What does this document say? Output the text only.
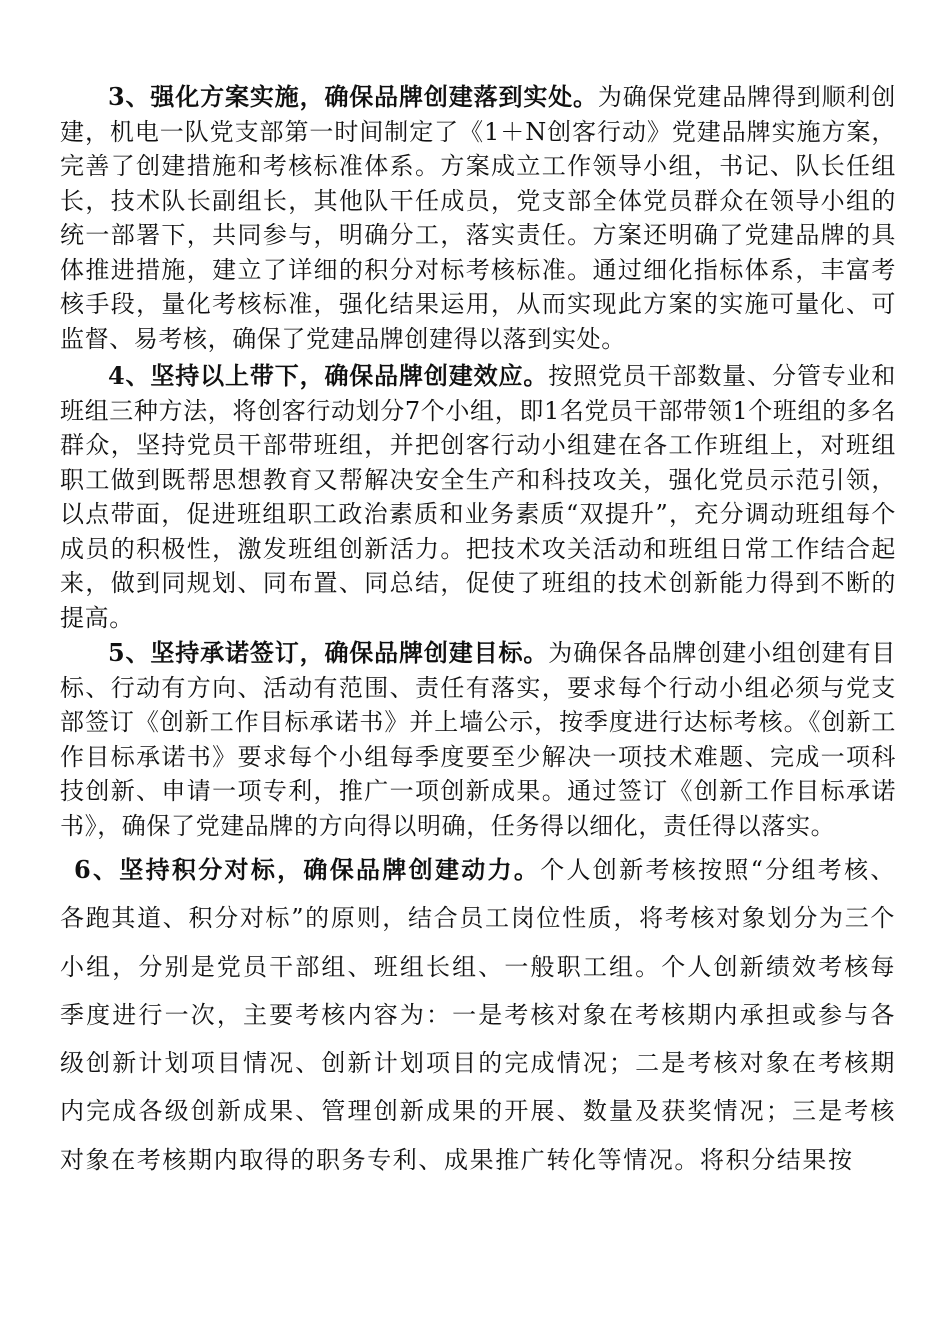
3、强化方案实施，确保品牌创建落到实处。为确保党建品牌得到顺利创建，机电一队党支部第一时间制定了《1＋N创客行动》党建品牌实施方案，完善了创建措施和考核标准体系。方案成立工作领导小组，书记、队长任组长，技术队长副组长，其他队干任成员，党支部全体党员群众在领导小组的统一部署下，共同参与，明确分工，落实责任。方案还明确了党建品牌的具体推进措施，建立了详细的积分对标考核标准。通过细化指标体系，丰富考核手段，量化考核标准，强化结果运用，从而实现此方案的实施可量化、可监督、易考核，确保了党建品牌创建得以落到实处。

4、坚持以上带下，确保品牌创建效应。按照党员干部数量、分管专业和班组三种方法，将创客行动划分7个小组，即1名党员干部带领1个班组的多名群众，坚持党员干部带班组，并把创客行动小组建在各工作班组上，对班组职工做到既帮思想教育又帮解决安全生产和科技攻关，强化党员示范引领，以点带面，促进班组职工政治素质和业务素质“双提升”，充分调动班组每个成员的积极性，激发班组创新活力。把技术攻关活动和班组日常工作结合起来，做到同规划、同布置、同总结，促使了班组的技术创新能力得到不断的提高。

5、坚持承诺签订，确保品牌创建目标。为确保各品牌创建小组创建有目标、行动有方向、活动有范围、责任有落实，要求每个行动小组必须与党支部签订《创新工作目标承诺书》并上墙公示，按季度进行达标考核。《创新工作目标承诺书》要求每个小组每季度要至少解决一项技术难题、完成一项科技创新、申请一项专利，推广一项创新成果。通过签订《创新工作目标承诺书》，确保了党建品牌的方向得以明确，任务得以细化，责任得以落实。

6、坚持积分对标，确保品牌创建动力。个人创新考核按照“分组考核、各跑其道、积分对标”的原则，结合员工岗位性质，将考核对象划分为三个小组，分别是党员干部组、班组长组、一般职工组。个人创新绩效考核每季度进行一次，主要考核内容为：一是考核对象在考核期内承担或参与各级创新计划项目情况、创新计划项目的完成情况；二是考核对象在考核期内完成各级创新成果、管理创新成果的开展、数量及获奖情况；三是考核对象在考核期内取得的职务专利、成果推广转化等情况。将积分结果按
